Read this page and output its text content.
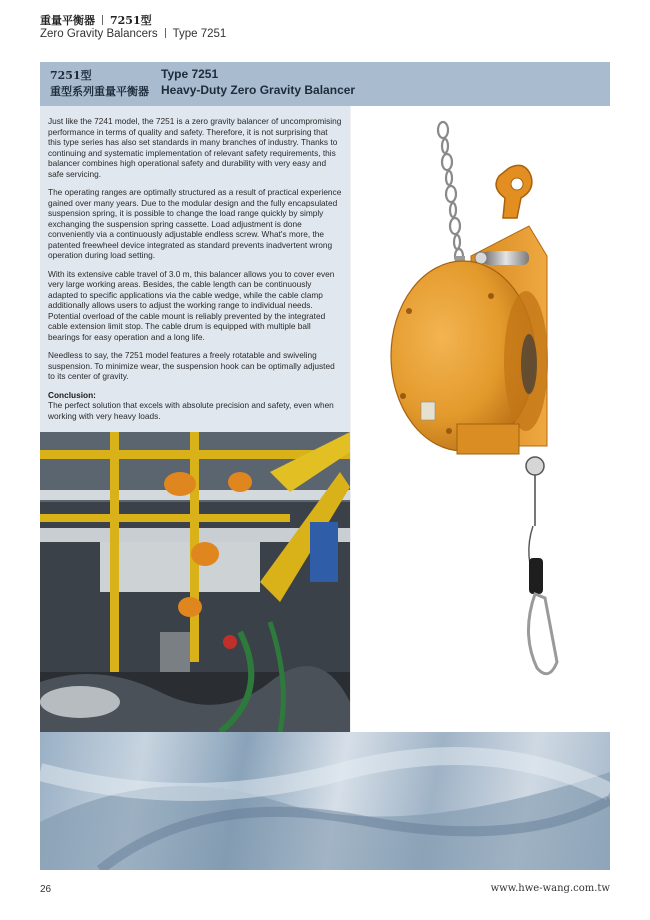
重量平衡器 7251型
Zero Gravity Balancers Type 7251
7251型
重型系列重量平衡器
Type 7251
Heavy-Duty Zero Gravity Balancer

Just like the 7241 model, the 7251 is a zero gravity balancer of uncompromising performance in terms of quality and safety. Therefore, it is not surprising that this type series has also set standards in many branches of industry. Thanks to continuing and systematic implementation of relevant safety requirements, this balancer combines high operational safety and durability with very easy and safe servicing.

The operating ranges are optimally structured as a result of practical experience gained over many years. Due to the modular design and the fully encapsulated suspension spring, it is possible to change the load range quickly by simply exchanging the suspension spring cassette. Load adjustment is done conveniently via a continuously adjustable endless screw. What's more, the patented freewheel device integrated as standard prevents inadvertent wrong operation during load setting.

With its extensive cable travel of 3.0 m, this balancer allows you to cover even very large working areas. Besides, the cable length can be continuously adapted to specific applications via the cable wedge, while the cable clamp additionally allows users to adjust the working range to individual needs. Potential overload of the cable mount is reliably prevented by the integrated cable extension limit stop. The cable drum is equipped with multiple ball bearings for easy operation and a long life.

Needless to say, the 7251 model features a freely rotatable and swiveling suspension. To minimize wear, the suspension hook can be optimally adjusted to its center of gravity.

Conclusion:
The perfect solution that excels with absolute precision and safety, even when working with very heavy loads.

26	www.hwe-wang.com.tw
